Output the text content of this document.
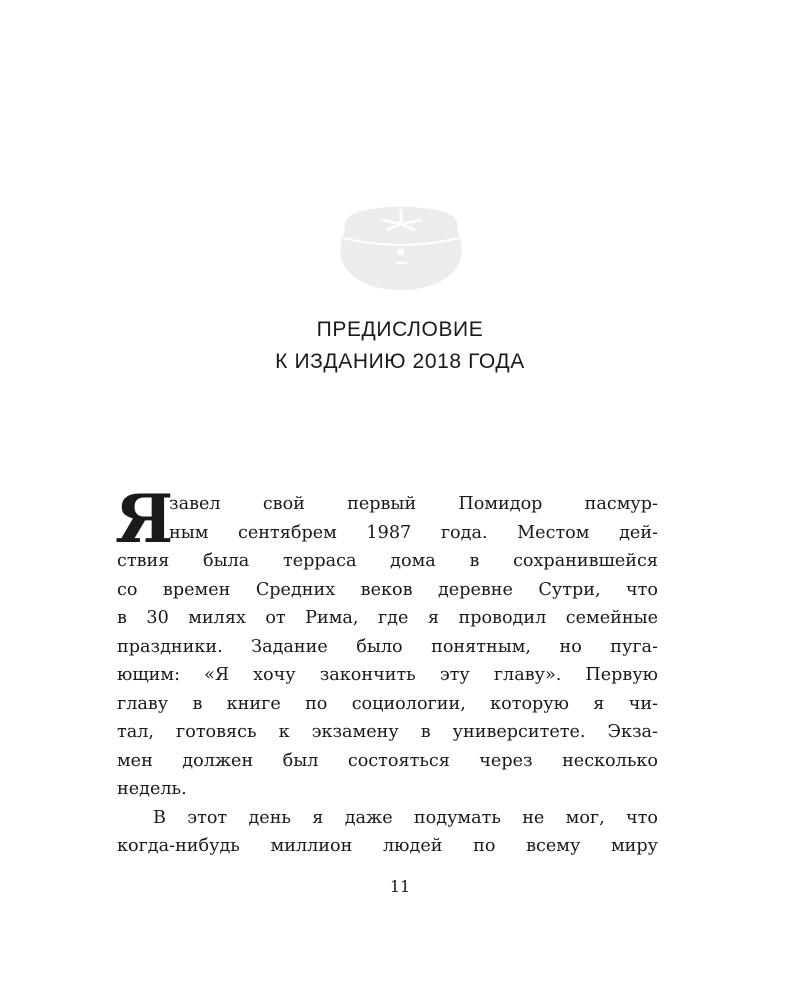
ПРЕДИСЛОВИЕ
К ИЗДАНИЮ 2018 ГОДА
Я
завел свой первый Помидор пасмур-
ным сентябрем 1987 года. Местом дей-
ствия была терраса дома в сохранившейся
со времен Средних веков деревне Сутри, что
в 30 милях от Рима, где я проводил семейные
праздники. Задание было понятным, но пуга-
ющим: «Я хочу закончить эту главу». Первую
главу в книге по социологии, которую я чи-
тал, готовясь к экзамену в университете. Экза-
мен должен был состояться через несколько
недель.
В этот день я даже подумать не мог, что
когда-нибудь миллион людей по всему миру
11
